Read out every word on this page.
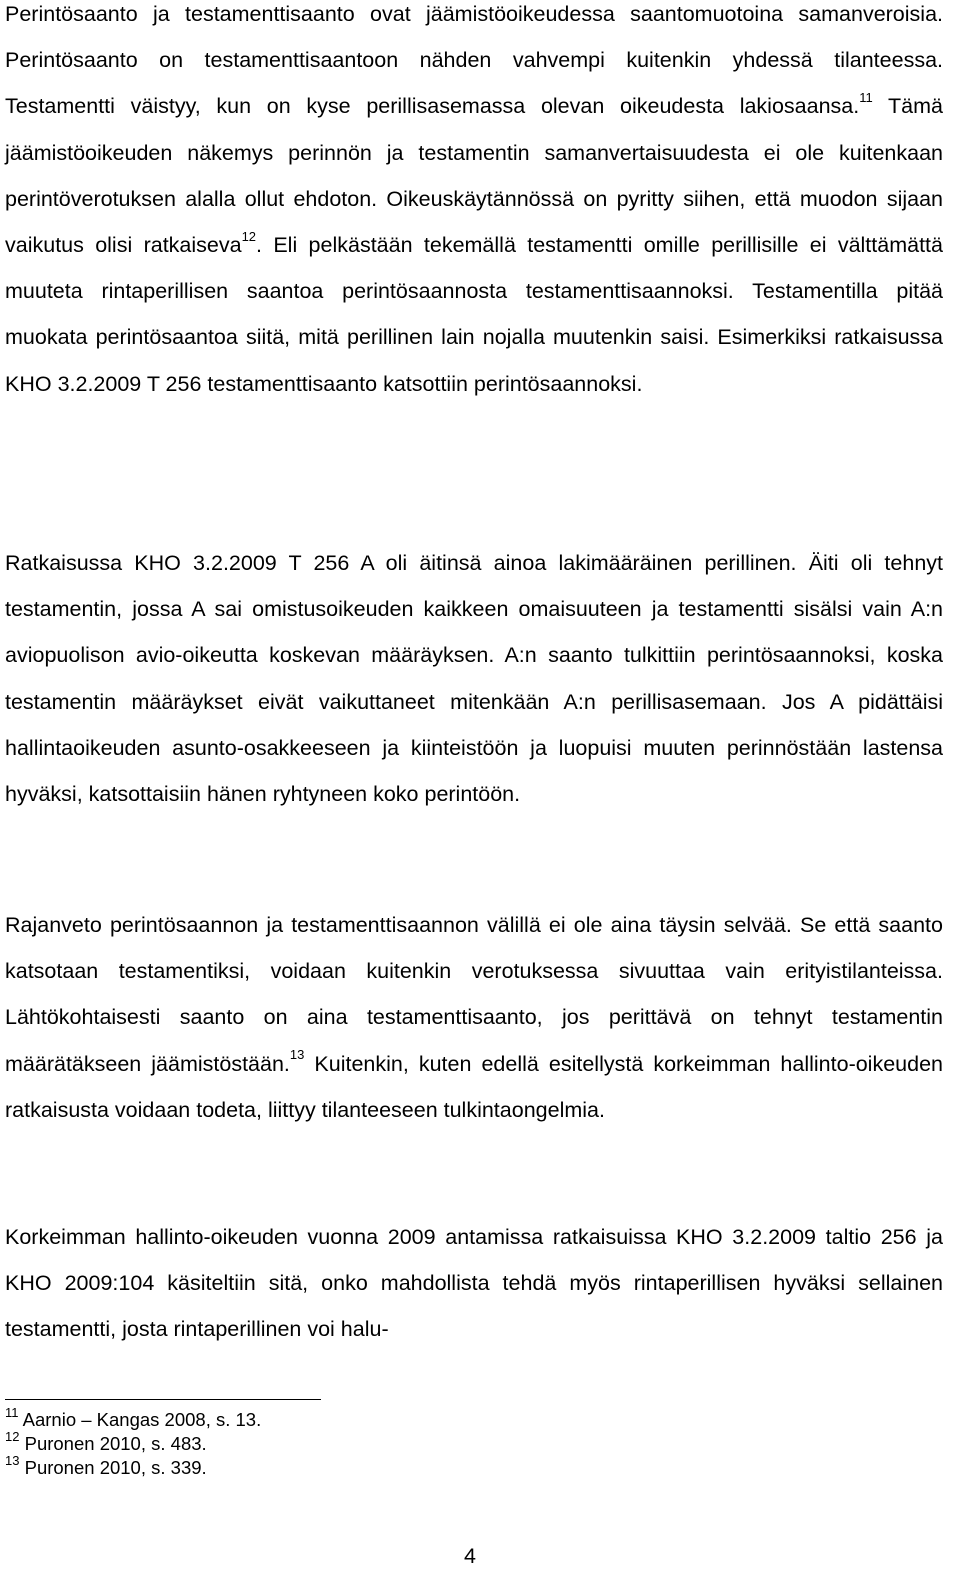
Perintösaanto ja testamenttisaanto ovat jäämistöoikeudessa saantomuotoina samanveroisia. Perintösaanto on testamenttisaantoon nähden vahvempi kuitenkin yhdessä tilanteessa. Testamentti väistyy, kun on kyse perillisasemassa olevan oikeudesta lakiosaansa.$^{11}$ Tämä jäämistöoikeuden näkemys perinnön ja testamentin samanvertaisuudesta ei ole kuitenkaan perintöverotuksen alalla ollut ehdoton. Oikeuskäytännössä on pyritty siihen, että muodon sijaan vaikutus olisi ratkaiseva$^{12}$. Eli pelkästään tekemällä testamentti omille perillisille ei välttämättä muuteta rintaperillisen saantoa perintösaannosta testamenttisaannoksi. Testamentilla pitää muokata perintösaantoa siitä, mitä perillinen lain nojalla muutenkin saisi. Esimerkiksi ratkaisussa KHO 3.2.2009 T 256 testamenttisaanto katsottiin perintösaannoksi.
Ratkaisussa KHO 3.2.2009 T 256 A oli äitinsä ainoa lakimääräinen perillinen. Äiti oli tehnyt testamentin, jossa A sai omistusoikeuden kaikkeen omaisuuteen ja testamentti sisälsi vain A:n aviopuolison avio-oikeutta koskevan määräyksen. A:n saanto tulkittiin perintösaannoksi, koska testamentin määräykset eivät vaikuttaneet mitenkään A:n perillisasemaan. Jos A pidättäisi hallintaoikeuden asunto-osakkeeseen ja kiinteistöön ja luopuisi muuten perinnöstään lastensa hyväksi, katsottaisiin hänen ryhtyneen koko perintöön.
Rajanveto perintösaannon ja testamenttisaannon välillä ei ole aina täysin selvää. Se että saanto katsotaan testamentiksi, voidaan kuitenkin verotuksessa sivuuttaa vain erityistilanteissa. Lähtökohtaisesti saanto on aina testamenttisaanto, jos perittävä on tehnyt testamentin määrätäkseen jäämistöstään.$^{13}$ Kuitenkin, kuten edellä esitellystä korkeimman hallinto-oikeuden ratkaisusta voidaan todeta, liittyy tilanteeseen tulkintaongelmia.
Korkeimman hallinto-oikeuden vuonna 2009 antamissa ratkaisuissa KHO 3.2.2009 taltio 256 ja KHO 2009:104 käsiteltiin sitä, onko mahdollista tehdä myös rintaperillisen hyväksi sellainen testamentti, josta rintaperillinen voi halu-
$^{11}$ Aarnio – Kangas 2008, s. 13.
$^{12}$ Puronen 2010, s. 483.
$^{13}$ Puronen 2010, s. 339.
4
